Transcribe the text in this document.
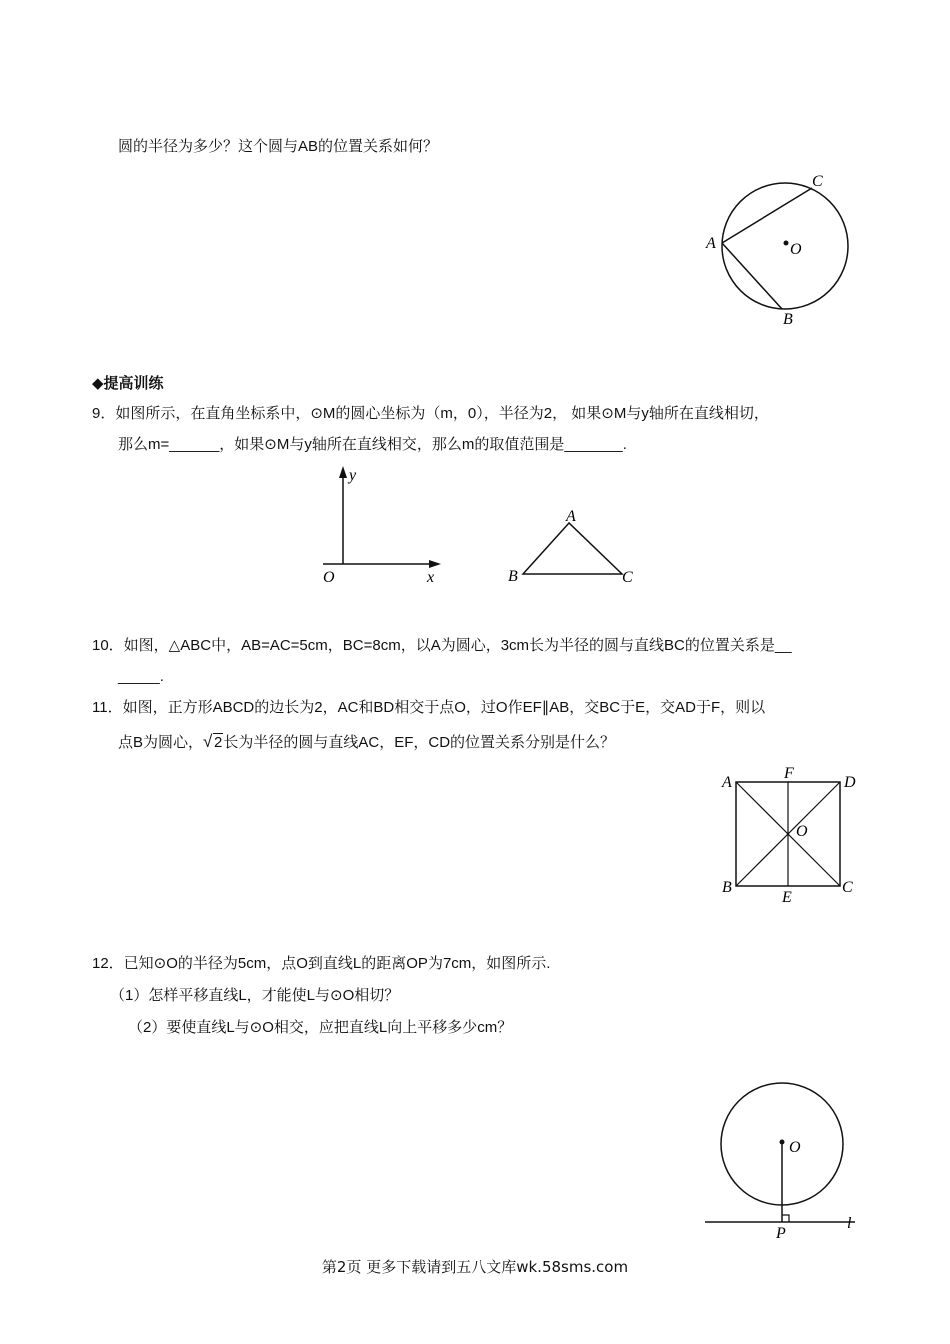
圆的半径为多少？这个圆与AB的位置关系如何？
A
C
O
B
◆提高训练
9．如图所示，在直角坐标系中，⊙M的圆心坐标为（m，0），半径为2， 如果⊙M与y轴所在直线相切，
那么m=______，如果⊙M与y轴所在直线相交，那么m的取值范围是_______.
y
O	x
A
B	C
10．如图，△ABC中，AB=AC=5cm，BC=8cm，以A为圆心，3cm长为半径的圆与直线BC的位置关系是__
_____.
11．如图，正方形ABCD的边长为2，AC和BD相交于点O，过O作EF∥AB，交BC于E，交AD于F，则以
点B为圆心， √ 2长为半径的圆与直线AC，EF，CD的位置关系分别是什么？
A
F
D
O
B
E
C
12．已知⊙O的半径为5cm，点O到直线L的距离OP为7cm，如图所示.
（1）怎样平移直线L，才能使L与⊙O相切？
（2）要使直线L与⊙O相交，应把直线L向上平移多少cm？
O
P
l
第2页 更多下载请到五八文库wk.58sms.com
